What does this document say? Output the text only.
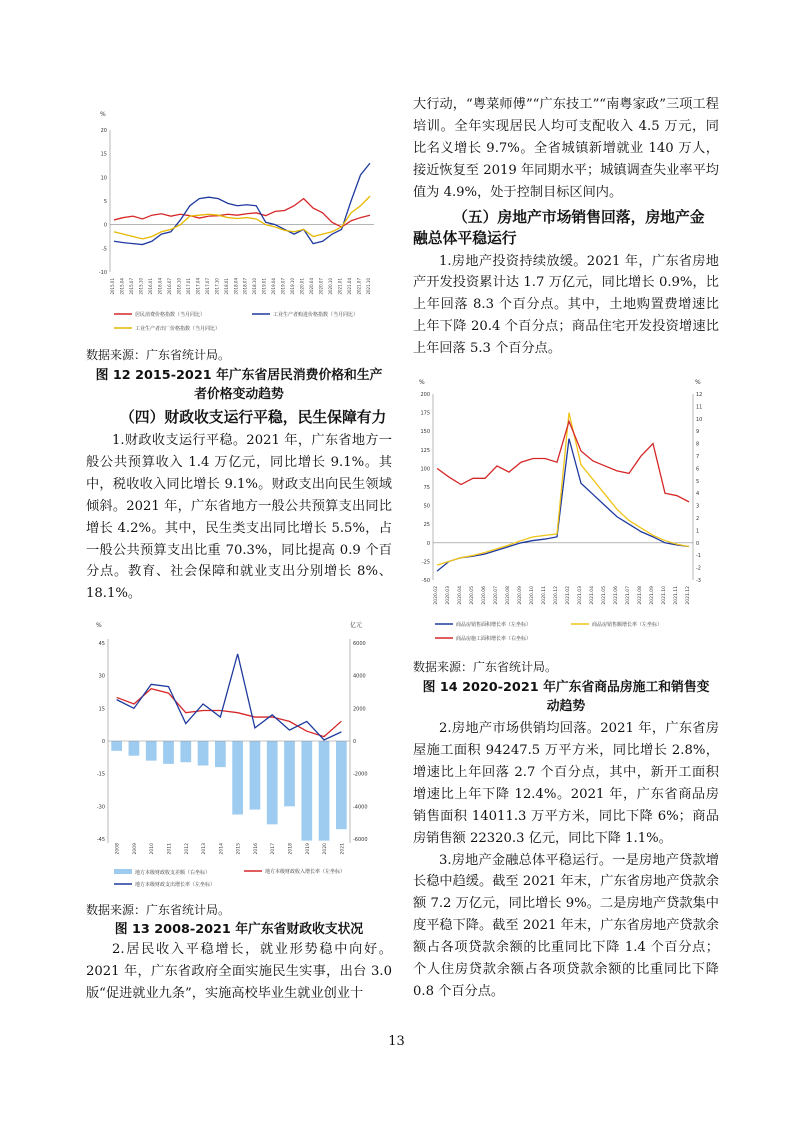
%
20
15
10
5
0
-5
-10
2015.01 2015.04 2015.07 2015.10 2016.01 2016.04 2016.07 2016.10 2017.01 2017.04 2017.07 2017.10 2018.01 2018.04 2018.07 2018.10 2019.01 2019.04 2019.07 2019.10 2020.01 2020.04 2020.07 2020.10 2021.01 2021.04 2021.07 2021.10
居民消费价格指数（当月同比）	工业生产者购进价格指数（当月同比）
工业生产者出厂价格指数（当月同比）

数据来源：广东省统计局。

图 12 2015-2021 年广东省居民消费价格和生产者价格变动趋势

（四）财政收支运行平稳，民生保障有力

1.财政收支运行平稳。2021 年，广东省地方一般公共预算收入 1.4 万亿元，同比增长 9.1%。其中，税收收入同比增长 9.1%。财政支出向民生领域倾斜。2021 年，广东省地方一般公共预算支出同比增长 4.2%。其中，民生类支出同比增长 5.5%，占一般公共预算支出比重 70.3%，同比提高 0.9 个百分点。教育、社会保障和就业支出分别增长 8%、18.1%。

%	亿元
45
30
15
0
-15
-30
-45
6000
4000
2000
0
-2000
-4000
-6000
2008	2009	2010	2011	2012	2013	2014	2015	2016	2017	2018	2019	2020	2021
地方本级财政收支差额（右坐标）	地方本级财政收入增长率（左坐标）
地方本级财政支出增长率（左坐标）

数据来源：广东省统计局。

图 13 2008-2021 年广东省财政收支状况

2.居民收入平稳增长，就业形势稳中向好。2021 年，广东省政府全面实施民生实事，出台 3.0 版“促进就业九条”，实施高校毕业生就业创业十

大行动，“粤菜师傅”“广东技工”“南粤家政”三项工程培训。全年实现居民人均可支配收入 4.5 万元，同比名义增长 9.7%。全省城镇新增就业 140 万人，接近恢复至 2019 年同期水平；城镇调查失业率平均值为 4.9%，处于控制目标区间内。

（五）房地产市场销售回落，房地产金融总体平稳运行

1.房地产投资持续放缓。2021 年，广东省房地产开发投资累计达 1.7 万亿元，同比增长 0.9%，比上年回落 8.3 个百分点。其中，土地购置费增速比上年下降 20.4 个百分点；商品住宅开发投资增速比上年回落 5.3 个百分点。

%	%
200
175
150
125
100
75
50
25
0
-25
-50
12
11
10
9
8
7
6
5
4
3
2
1
0
-1
-2
-3
2020.02 2020.03 2020.04 2020.05 2020.06 2020.07 2020.08 2020.09 2020.10 2020.11 2020.12 2021.02 2021.03 2021.04 2021.05 2021.06 2021.07 2021.08 2021.09 2021.10 2021.11 2021.12
商品房销售面积增长率（左坐标）	商品房销售额增长率（左坐标）
商品房施工面积增长率（右坐标）

数据来源：广东省统计局。

图 14 2020-2021 年广东省商品房施工和销售变动趋势

2.房地产市场供销均回落。2021 年，广东省房屋施工面积 94247.5 万平方米，同比增长 2.8%，增速比上年回落 2.7 个百分点，其中，新开工面积增速比上年下降 12.4%。2021 年，广东省商品房销售面积 14011.3 万平方米，同比下降 6%；商品房销售额 22320.3 亿元，同比下降 1.1%。

3.房地产金融总体平稳运行。一是房地产贷款增长稳中趋缓。截至 2021 年末，广东省房地产贷款余额 7.2 万亿元，同比增长 9%。二是房地产贷款集中度平稳下降。截至 2021 年末，广东省房地产贷款余额占各项贷款余额的比重同比下降 1.4 个百分点；个人住房贷款余额占各项贷款余额的比重同比下降 0.8 个百分点。

13
